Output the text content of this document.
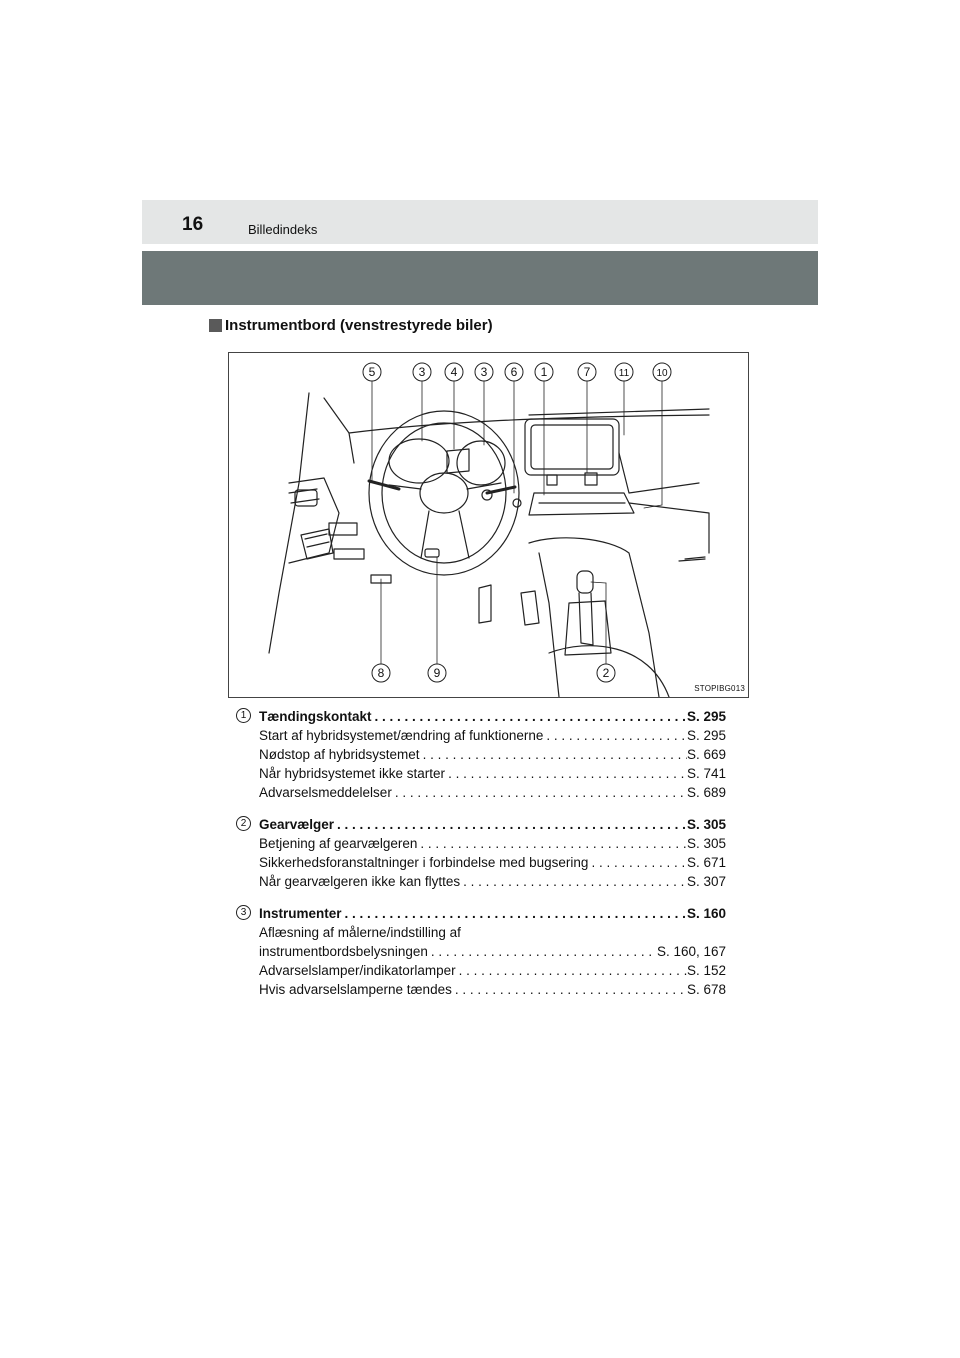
16	Billedindeks
Instrumentbord (venstrestyrede biler)
5	3 4 3 6 1	7	11	10
8	9	2
STOPIBG013
1 Tændingskontakt . . .	S. 295
Start af hybridsystemet/ændring af funktionerne . . .	S. 295
Nødstop af hybridsystemet . . .	S. 669
Når hybridsystemet ikke starter . . .	S. 741
Advarselsmeddelelser . . .	S. 689
2 Gearvælger . . .	S. 305
Betjening af gearvælgeren . . .	S. 305
Sikkerhedsforanstaltninger i forbindelse med bugsering . . .	S. 671
Når gearvælgeren ikke kan flyttes . . .	S. 307
3 Instrumenter . . .	S. 160
Aflæsning af målerne/indstilling af
instrumentbordsbelysningen . . .	S. 160, 167
Advarselslamper/indikatorlamper . . .	S. 152
Hvis advarselslamperne tændes . . .	S. 678
